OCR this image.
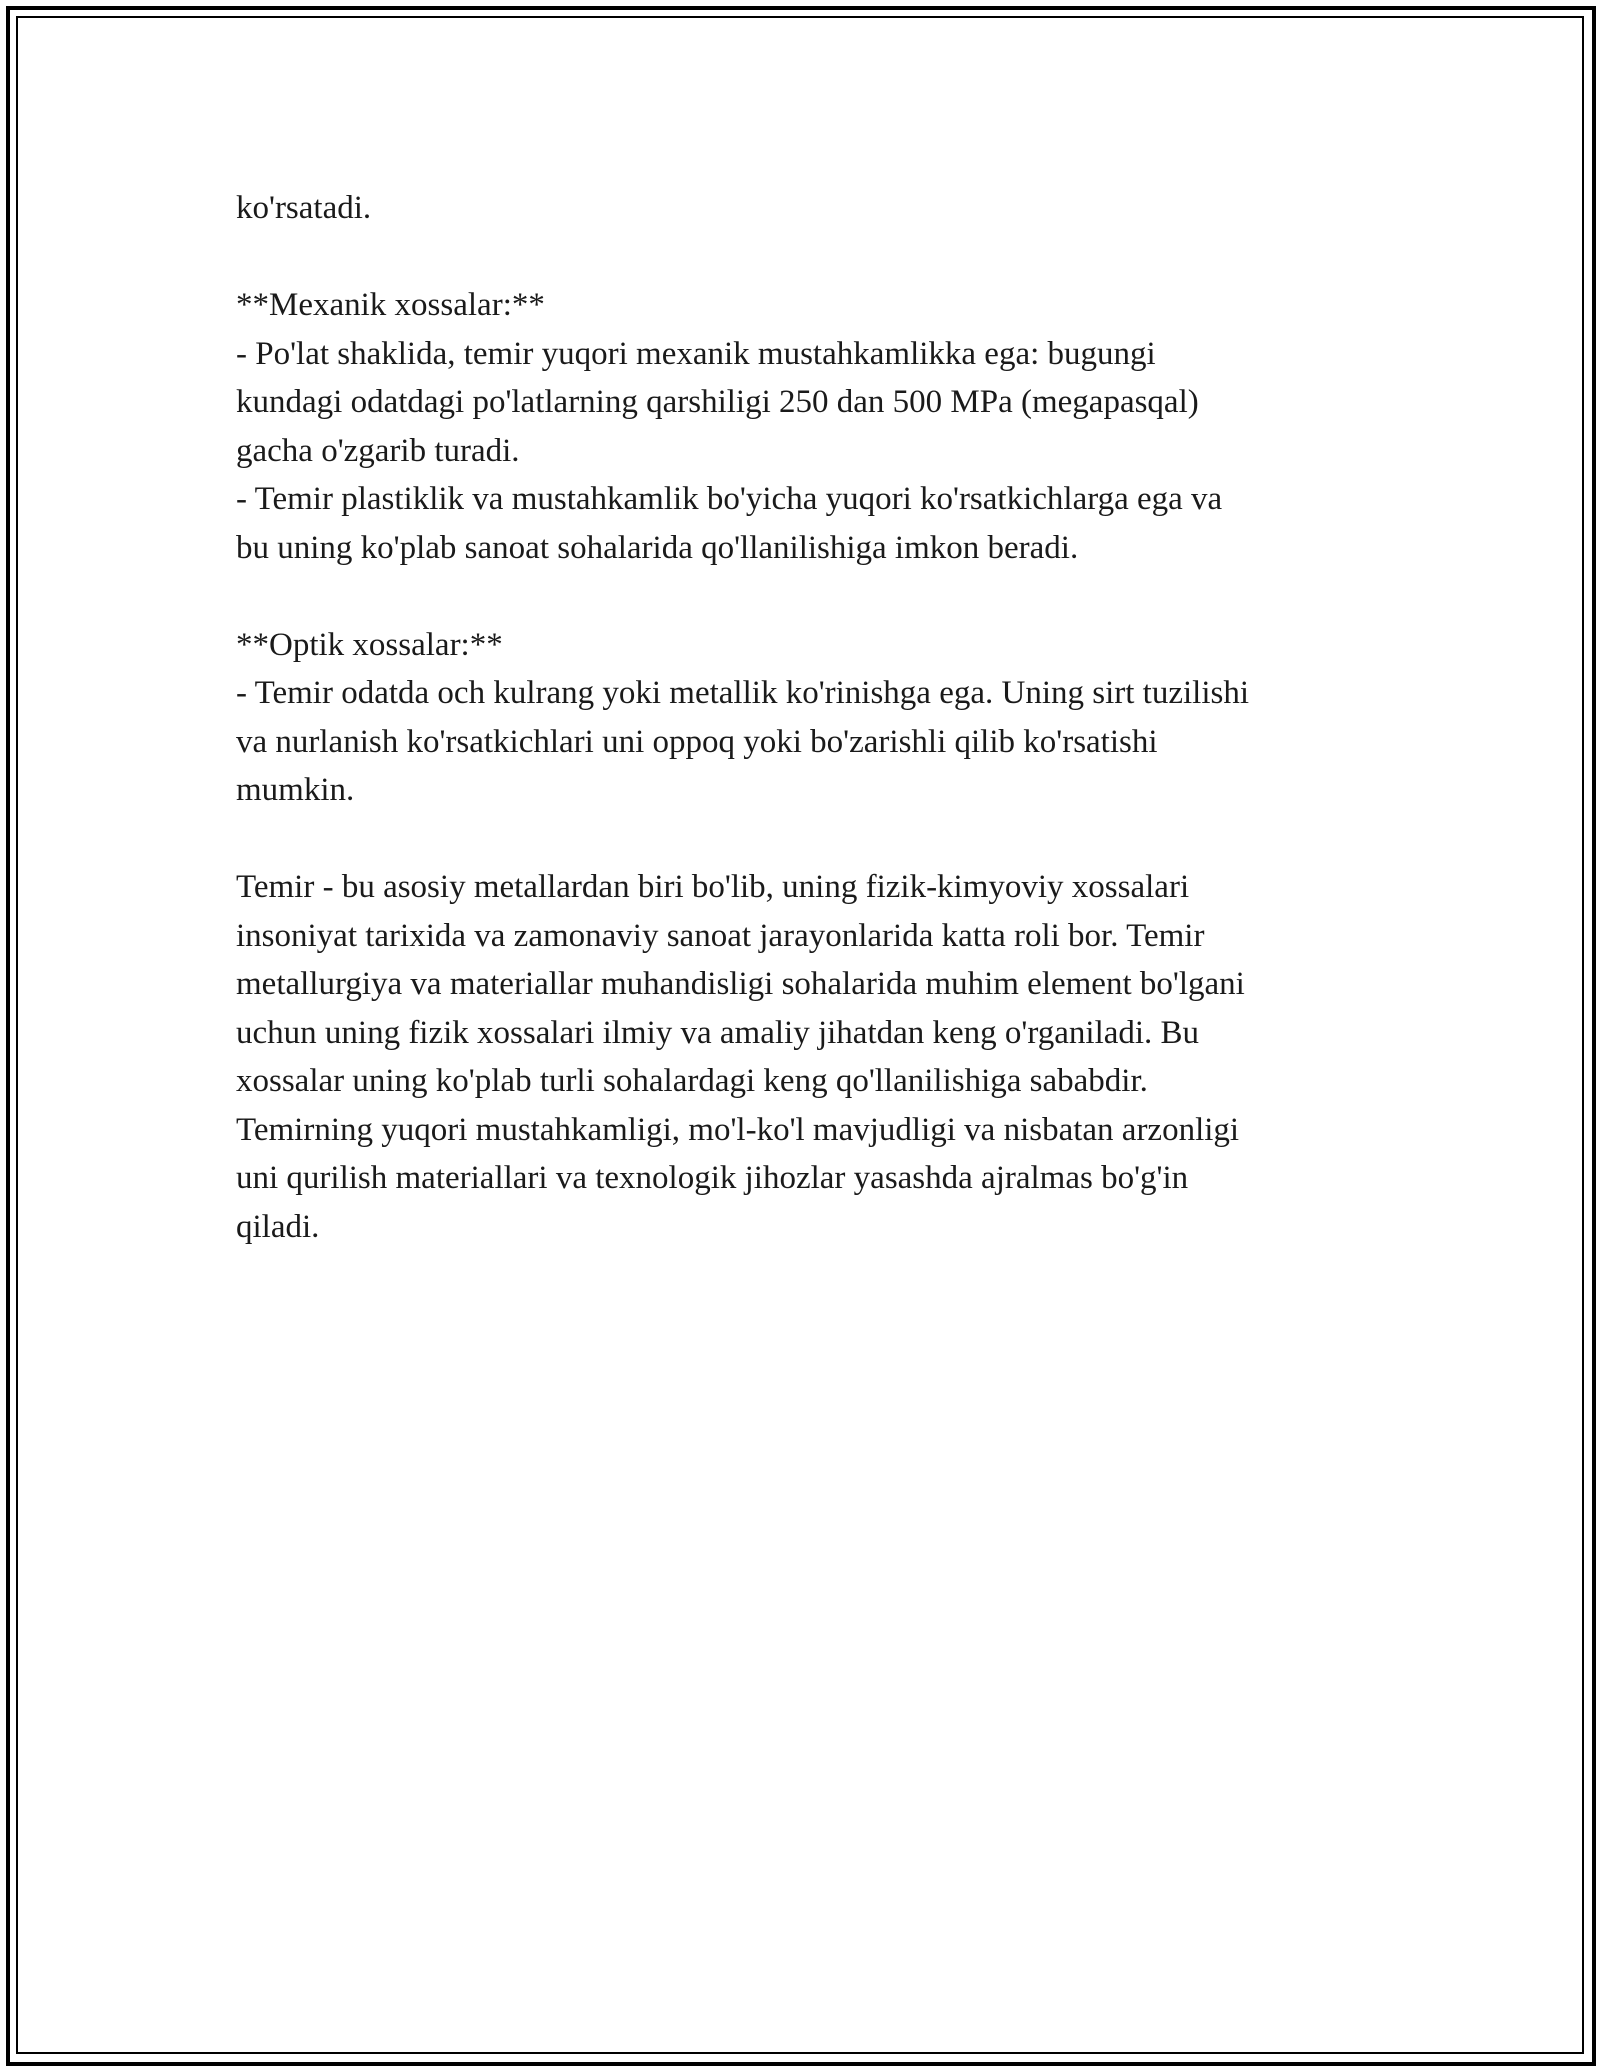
ko'rsatadi.

**Mexanik xossalar:**
- Po'lat shaklida, temir yuqori mexanik mustahkamlikka ega: bugungi
kundagi odatdagi po'latlarning qarshiligi 250 dan 500 MPa (megapasqal)
gacha o'zgarib turadi.
- Temir plastiklik va mustahkamlik bo'yicha yuqori ko'rsatkichlarga ega va
bu uning ko'plab sanoat sohalarida qo'llanilishiga imkon beradi.

**Optik xossalar:**
- Temir odatda och kulrang yoki metallik ko'rinishga ega. Uning sirt tuzilishi
va nurlanish ko'rsatkichlari uni oppoq yoki bo'zarishli qilib ko'rsatishi
mumkin.

Temir - bu asosiy metallardan biri bo'lib, uning fizik-kimyoviy xossalari
insoniyat tarixida va zamonaviy sanoat jarayonlarida katta roli bor. Temir
metallurgiya va materiallar muhandisligi sohalarida muhim element bo'lgani
uchun uning fizik xossalari ilmiy va amaliy jihatdan keng o'rganiladi. Bu
xossalar uning ko'plab turli sohalardagi keng qo'llanilishiga sababdir.
Temirning yuqori mustahkamligi, mo'l-ko'l mavjudligi va nisbatan arzonligi
uni qurilish materiallari va texnologik jihozlar yasashda ajralmas bo'g'in
qiladi.
